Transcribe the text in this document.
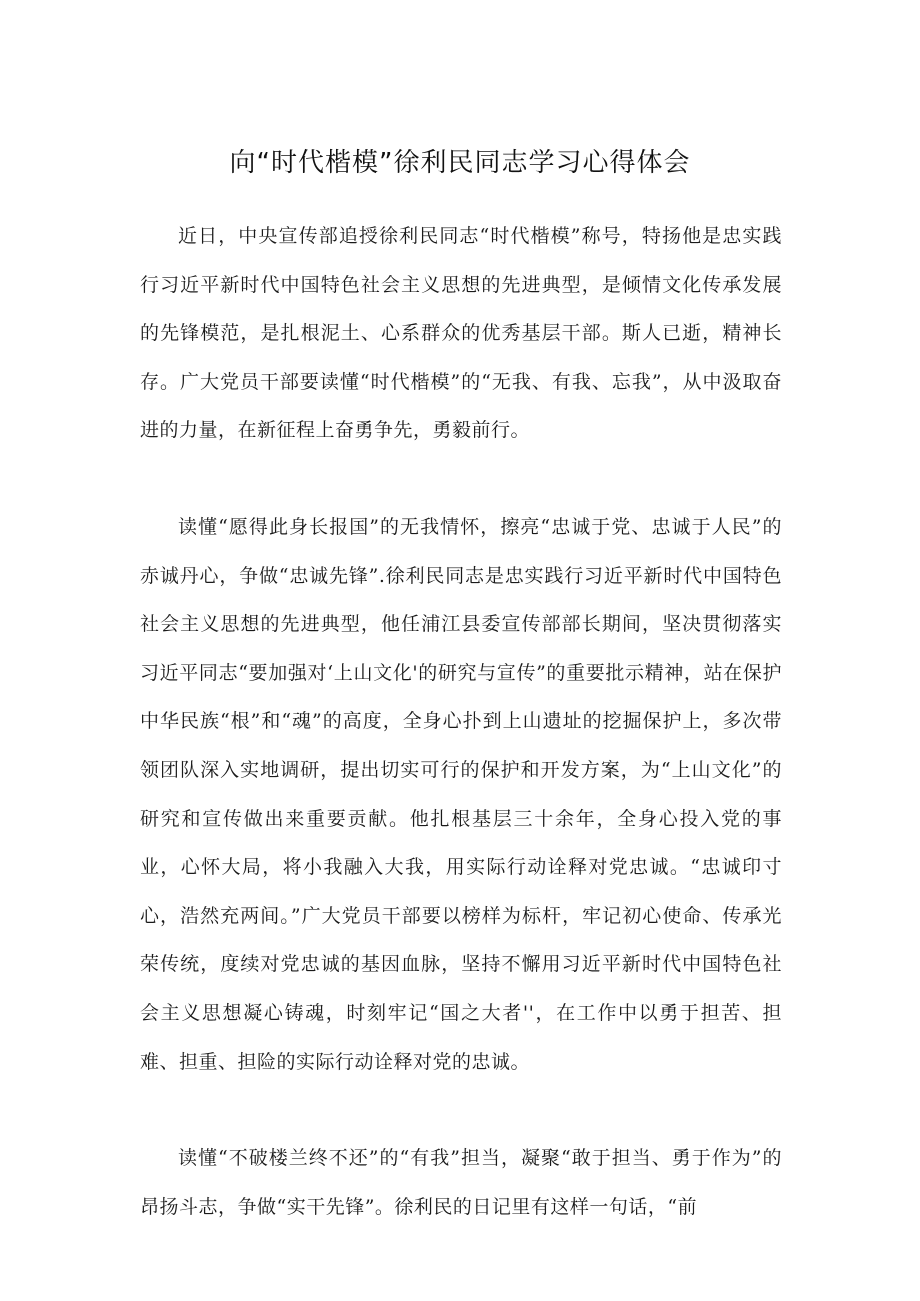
向“时代楷模”徐利民同志学习心得体会

近日，中央宣传部追授徐利民同志“时代楷模”称号，特扬他是忠实践行习近平新时代中国特色社会主义思想的先进典型，是倾情文化传承发展的先锋模范，是扎根泥土、心系群众的优秀基层干部。斯人已逝，精神长存。广大党员干部要读懂“时代楷模”的“无我、有我、忘我”，从中汲取奋进的力量，在新征程上奋勇争先，勇毅前行。

读懂“愿得此身长报国”的无我情怀，擦亮“忠诚于党、忠诚于人民”的赤诚丹心，争做“忠诚先锋”.徐利民同志是忠实践行习近平新时代中国特色社会主义思想的先进典型，他任浦江县委宣传部部长期间，坚决贯彻落实习近平同志“要加强对‘上山文化'的研究与宣传”的重要批示精神，站在保护中华民族“根”和“魂”的高度，全身心扑到上山遗址的挖掘保护上，多次带领团队深入实地调研，提出切实可行的保护和开发方案，为“上山文化”的研究和宣传做出来重要贡献。他扎根基层三十余年，全身心投入党的事业，心怀大局，将小我融入大我，用实际行动诠释对党忠诚。“忠诚印寸心，浩然充两间。”广大党员干部要以榜样为标杆，牢记初心使命、传承光荣传统，度续对党忠诚的基因血脉，坚持不懈用习近平新时代中国特色社会主义思想凝心铸魂，时刻牢记“国之大者''，在工作中以勇于担苦、担难、担重、担险的实际行动诠释对党的忠诚。

读懂“不破楼兰终不还”的“有我”担当，凝聚“敢于担当、勇于作为”的昂扬斗志，争做“实干先锋”。徐利民的日记里有这样一句话，“前
